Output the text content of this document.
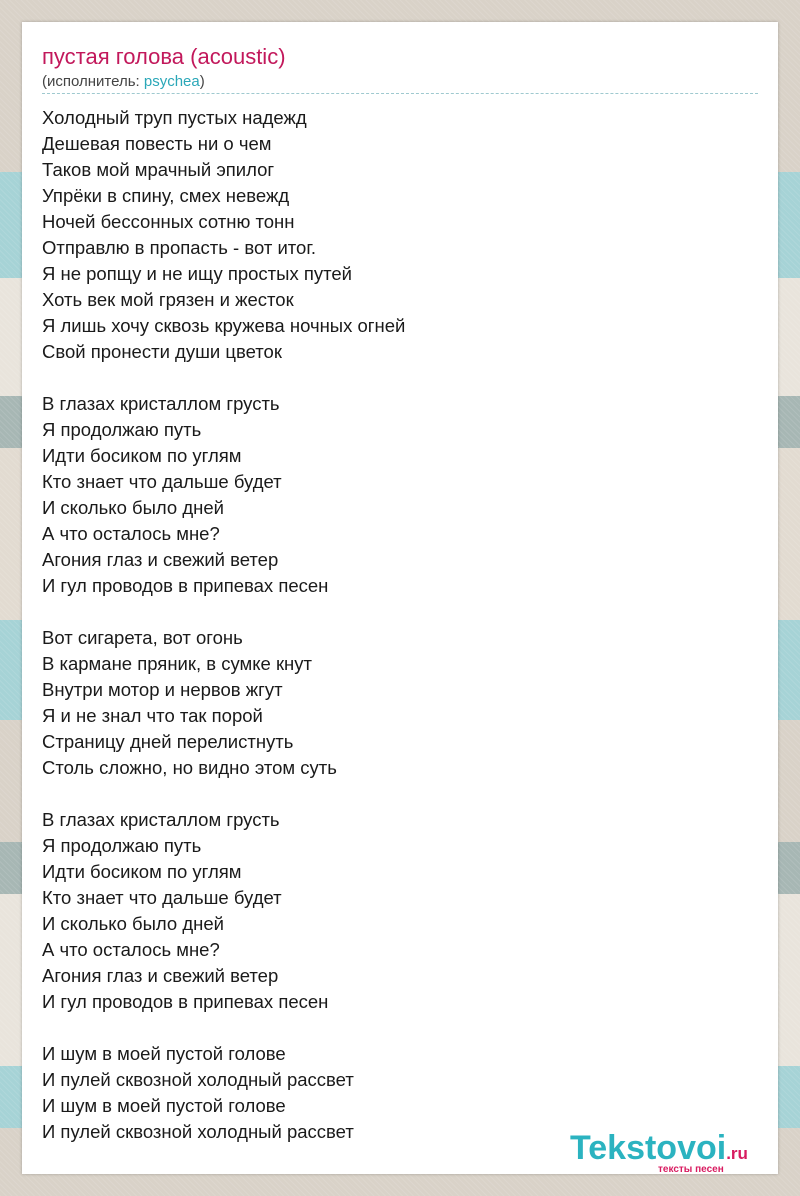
пустая голова (acoustic)
(исполнитель: psychea)
Холодный труп пустых надежд
Дешевая повесть ни о чем
Таков мой мрачный эпилог
Упрёки в спину, смех невежд
Ночей бессонных сотню тонн
Отправлю в пропасть - вот итог.
Я не ропщу и не ищу простых путей
Хоть век мой грязен и жесток
Я лишь хочу сквозь кружева ночных огней
Свой пронести души цветок
В глазах кристаллом грусть
Я продолжаю путь
Идти босиком по углям
Кто знает что дальше будет
И сколько было дней
А что осталось мне?
Агония глаз и свежий ветер
И гул проводов в припевах песен
Вот сигарета, вот огонь
В кармане пряник, в сумке кнут
Внутри мотор и нервов жгут
Я и не знал что так порой
Страницу дней перелистнуть
Столь сложно, но видно этом суть
В глазах кристаллом грусть
Я продолжаю путь
Идти босиком по углям
Кто знает что дальше будет
И сколько было дней
А что осталось мне?
Агония глаз и свежий ветер
И гул проводов в припевах песен
И шум в моей пустой голове
И пулей сквозной холодный рассвет
И шум в моей пустой голове
И пулей сквозной холодный рассвет	Tekstovoi.ru
тексты песен
